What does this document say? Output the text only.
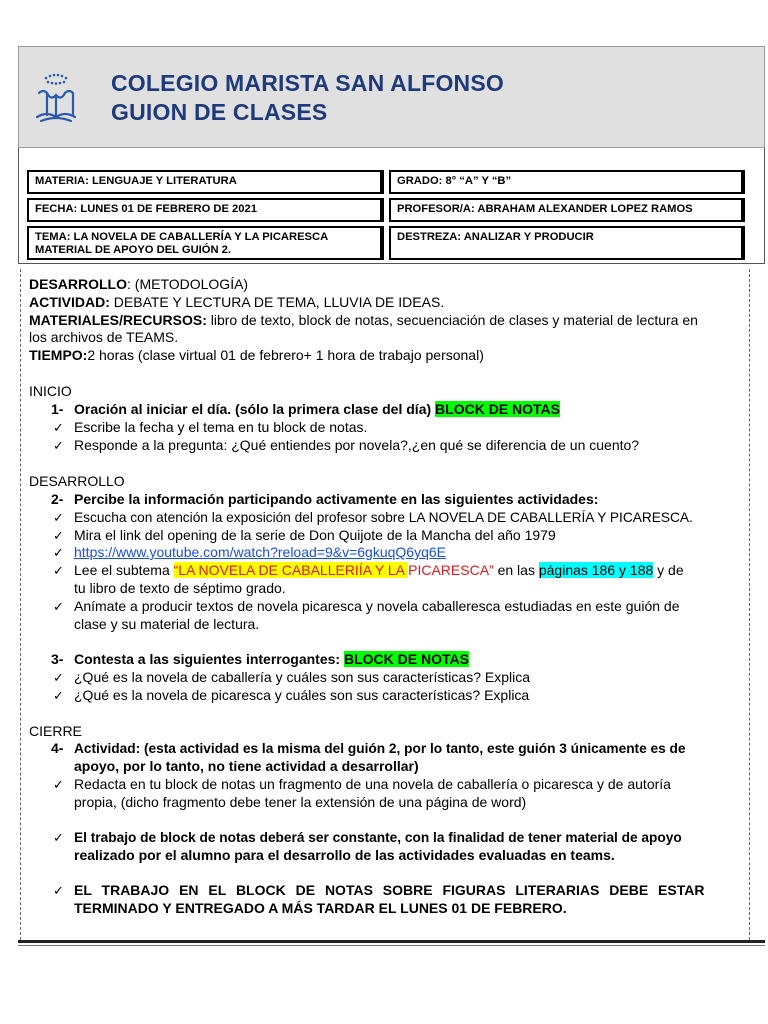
COLEGIO MARISTA SAN ALFONSO
GUION DE CLASES
MATERIA: LENGUAJE Y LITERATURA	GRADO: 8° “A” Y “B”
FECHA: LUNES 01 DE FEBRERO DE 2021	PROFESOR/A: ABRAHAM ALEXANDER LOPEZ RAMOS
TEMA: LA NOVELA DE CABALLERÍA Y LA PICARESCA
MATERIAL DE APOYO DEL GUIÓN 2.
DESTREZA: ANALIZAR Y PRODUCIR
DESARROLLO: (METODOLOGÍA)
ACTIVIDAD: DEBATE Y LECTURA DE TEMA, LLUVIA DE IDEAS.
MATERIALES/RECURSOS: libro de texto, block de notas, secuenciación de clases y material de lectura en
los archivos de TEAMS.
TIEMPO:2 horas (clase virtual 01 de febrero+ 1 hora de trabajo personal)
INICIO
1- Oración al iniciar el día. (sólo la primera clase del día) BLOCK DE NOTAS
✓ Escribe la fecha y el tema en tu block de notas.
✓ Responde a la pregunta: ¿Qué entiendes por novela?,¿en qué se diferencia de un cuento?
DESARROLLO
2- Percibe la información participando activamente en las siguientes actividades:
✓ Escucha con atención la exposición del profesor sobre LA NOVELA DE CABALLERÍA Y PICARESCA.
✓ Mira el link del opening de la serie de Don Quijote de la Mancha del año 1979
✓ https://www.youtube.com/watch?reload=9&v=6gkuqQ6yq6E
✓ Lee el subtema “LA NOVELA DE CABALLERIÍA Y LA PICARESCA” en las páginas 186 y 188 y de
tu libro de texto de séptimo grado.
✓ Anímate a producir textos de novela picaresca y novela caballeresca estudiadas en este guión de
clase y su material de lectura.
3- Contesta a las siguientes interrogantes: BLOCK DE NOTAS
✓ ¿Qué es la novela de caballería y cuáles son sus características? Explica
✓ ¿Qué es la novela de picaresca y cuáles son sus características? Explica
CIERRE
4- Actividad: (esta actividad es la misma del guión 2, por lo tanto, este guión 3 únicamente es de
apoyo, por lo tanto, no tiene actividad a desarrollar)
✓ Redacta en tu block de notas un fragmento de una novela de caballería o picaresca y de autoría
propia, (dicho fragmento debe tener la extensión de una página de word)
✓ El trabajo de block de notas deberá ser constante, con la finalidad de tener material de apoyo
realizado por el alumno para el desarrollo de las actividades evaluadas en teams.
✓ EL TRABAJO EN EL BLOCK DE NOTAS SOBRE FIGURAS LITERARIAS DEBE ESTAR
TERMINADO Y ENTREGADO A MÁS TARDAR EL LUNES 01 DE FEBRERO.
